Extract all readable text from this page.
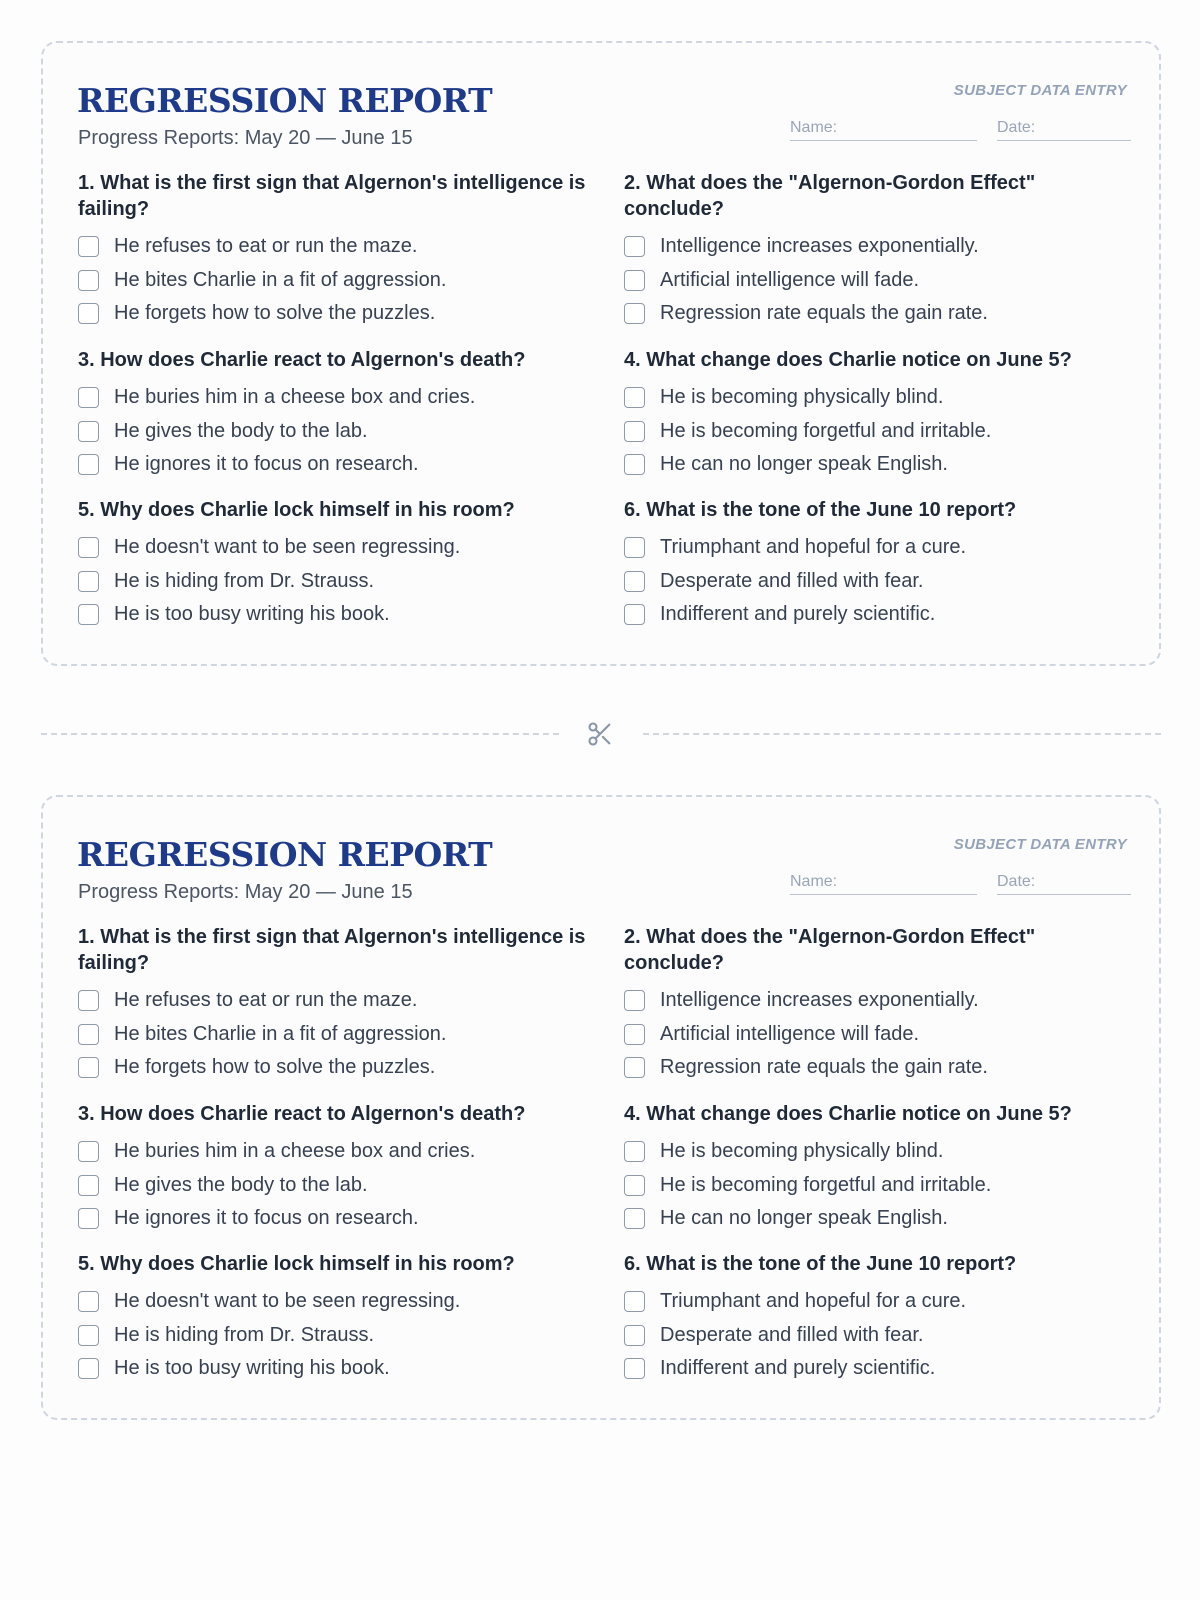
REGRESSION REPORT
Progress Reports: May 20 — June 15
SUBJECT DATA ENTRY
Name:	Date:

1. What is the first sign that Algernon's intelligence is failing?

He refuses to eat or run the maze.
He bites Charlie in a fit of aggression.
He forgets how to solve the puzzles.

2. What does the "Algernon-Gordon Effect" conclude?

Intelligence increases exponentially.
Artificial intelligence will fade.
Regression rate equals the gain rate.

3. How does Charlie react to Algernon's death?

He buries him in a cheese box and cries.
He gives the body to the lab.
He ignores it to focus on research.

4. What change does Charlie notice on June 5?

He is becoming physically blind.
He is becoming forgetful and irritable.
He can no longer speak English.

5. Why does Charlie lock himself in his room?

He doesn't want to be seen regressing.
He is hiding from Dr. Strauss.
He is too busy writing his book.

6. What is the tone of the June 10 report?

Triumphant and hopeful for a cure.
Desperate and filled with fear.
Indifferent and purely scientific.
REGRESSION REPORT
Progress Reports: May 20 — June 15
SUBJECT DATA ENTRY
Name:	Date:

1. What is the first sign that Algernon's intelligence is failing?

He refuses to eat or run the maze.
He bites Charlie in a fit of aggression.
He forgets how to solve the puzzles.

2. What does the "Algernon-Gordon Effect" conclude?

Intelligence increases exponentially.
Artificial intelligence will fade.
Regression rate equals the gain rate.

3. How does Charlie react to Algernon's death?

He buries him in a cheese box and cries.
He gives the body to the lab.
He ignores it to focus on research.

4. What change does Charlie notice on June 5?

He is becoming physically blind.
He is becoming forgetful and irritable.
He can no longer speak English.

5. Why does Charlie lock himself in his room?

He doesn't want to be seen regressing.
He is hiding from Dr. Strauss.
He is too busy writing his book.

6. What is the tone of the June 10 report?

Triumphant and hopeful for a cure.
Desperate and filled with fear.
Indifferent and purely scientific.
